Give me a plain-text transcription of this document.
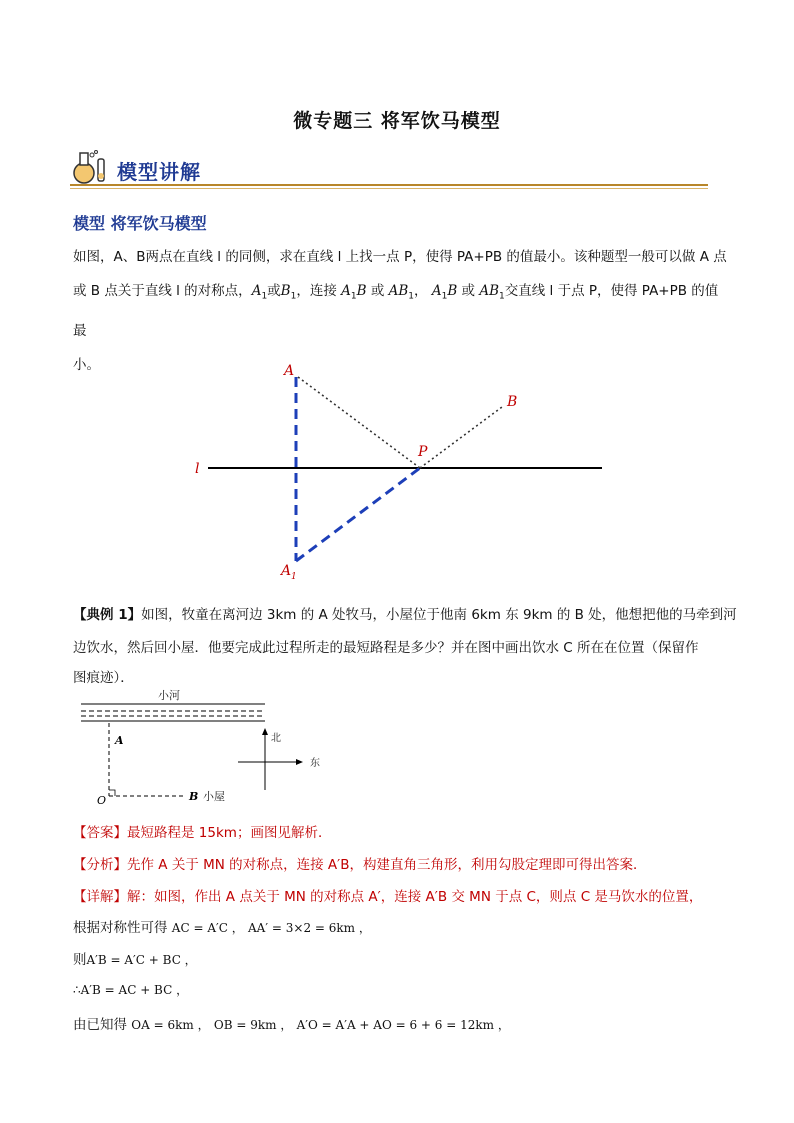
微专题三 将军饮马模型
模型讲解
模型 将军饮马模型
如图，A、B两点在直线 l 的同侧，求在直线 l 上找一点 P，使得 PA+PB 的值最小。该种题型一般可以做 A 点
或 B 点关于直线 l 的对称点，$A_1$或$B_1$，连接 $A_1B$ 或 $AB_1$， $A_1B$ 或 $AB_1$交直线 l 于点 P，使得 PA+PB 的值最
小。	A
B
P
l
A 1
【典例 1】如图，牧童在离河边 3km 的 A 处牧马，小屋位于他南 6km 东 9km 的 B 处，他想把他的马牵到河
边饮水，然后回小屋．他要完成此过程所走的最短路程是多少？并在图中画出饮水 C 所在在位置（保留作
图痕迹）．
小河
A
O	B 小屋
北
东
【答案】最短路程是 15km；画图见解析．
【分析】先作 A 关于 MN 的对称点，连接 A′B，构建直角三角形，利用勾股定理即可得出答案．
【详解】解：如图，作出 A 点关于 MN 的对称点 A′，连接 A′B 交 MN 于点 C，则点 C 是马饮水的位置，
根据对称性可得 AC = A′C ， AA′ = 3×2 = 6km ，
则A′B = A′C + BC ，
∴A′B = AC + BC ，
由已知得 OA = 6km ， OB = 9km ， A′O = A′A + AO = 6 + 6 = 12km ，
